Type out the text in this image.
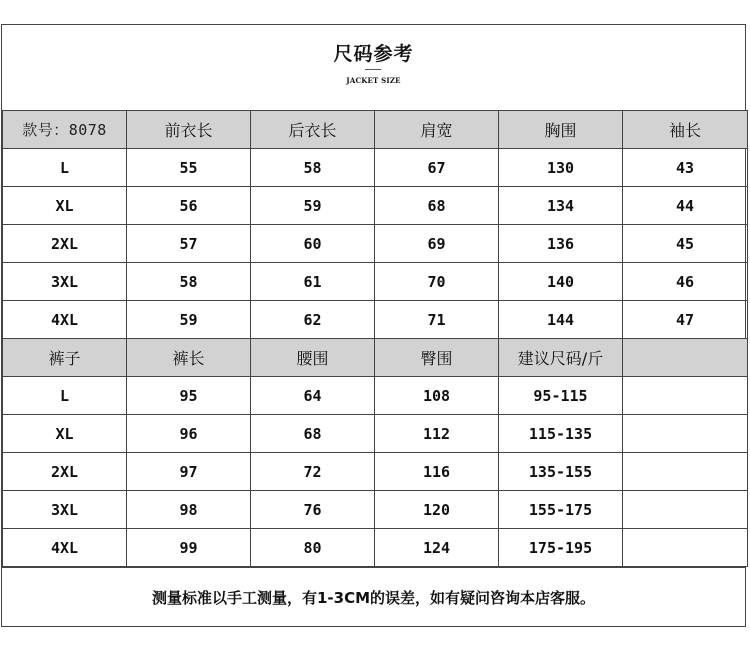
尺码参考
JACKET SIZE
款号：8078	前衣长	后衣长	肩宽	胸围	袖长
L	55	58	67	130	43
XL	56	59	68	134	44
2XL	57	60	69	136	45
3XL	58	61	70	140	46
4XL	59	62	71	144	47
裤子	裤长	腰围	臀围	建议尺码/斤	
L	95	64	108	95-115	
XL	96	68	112	115-135	
2XL	97	72	116	135-155	
3XL	98	76	120	155-175	
4XL	99	80	124	175-195	
测量标准以手工测量，有1-3CM的误差，如有疑问咨询本店客服。
